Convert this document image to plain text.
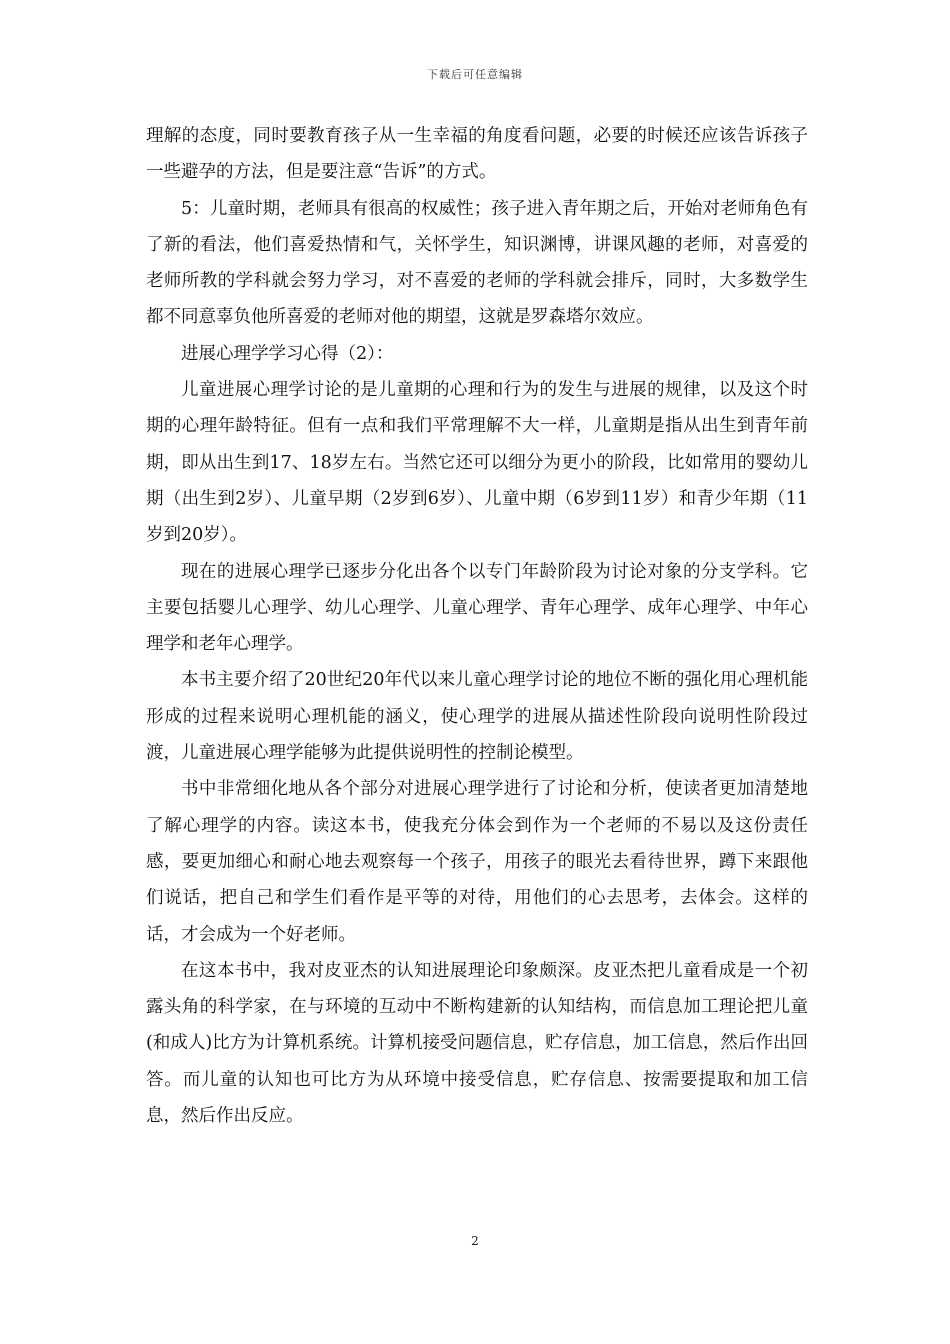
下载后可任意编辑

理解的态度，同时要教育孩子从一生幸福的角度看问题，必要的时候还应该告诉孩子一些避孕的方法，但是要注意“告诉”的方式。

5：儿童时期，老师具有很高的权威性；孩子进入青年期之后，开始对老师角色有了新的看法，他们喜爱热情和气，关怀学生，知识渊博，讲课风趣的老师，对喜爱的老师所教的学科就会努力学习，对不喜爱的老师的学科就会排斥，同时，大多数学生都不同意辜负他所喜爱的老师对他的期望，这就是罗森塔尔效应。

进展心理学学习心得（2）：

儿童进展心理学讨论的是儿童期的心理和行为的发生与进展的规律，以及这个时期的心理年龄特征。但有一点和我们平常理解不大一样，儿童期是指从出生到青年前期，即从出生到17、18岁左右。当然它还可以细分为更小的阶段，比如常用的婴幼儿期（出生到2岁）、儿童早期（2岁到6岁）、儿童中期（6岁到11岁）和青少年期（11岁到20岁）。

现在的进展心理学已逐步分化出各个以专门年龄阶段为讨论对象的分支学科。它主要包括婴儿心理学、幼儿心理学、儿童心理学、青年心理学、成年心理学、中年心理学和老年心理学。

本书主要介绍了20世纪20年代以来儿童心理学讨论的地位不断的强化用心理机能形成的过程来说明心理机能的涵义，使心理学的进展从描述性阶段向说明性阶段过渡，儿童进展心理学能够为此提供说明性的控制论模型。

书中非常细化地从各个部分对进展心理学进行了讨论和分析，使读者更加清楚地了解心理学的内容。读这本书，使我充分体会到作为一个老师的不易以及这份责任感，要更加细心和耐心地去观察每一个孩子，用孩子的眼光去看待世界，蹲下来跟他们说话，把自己和学生们看作是平等的对待，用他们的心去思考，去体会。这样的话，才会成为一个好老师。

在这本书中，我对皮亚杰的认知进展理论印象颇深。皮亚杰把儿童看成是一个初露头角的科学家，在与环境的互动中不断构建新的认知结构，而信息加工理论把儿童(和成人)比方为计算机系统。计算机接受问题信息，贮存信息，加工信息，然后作出回答。而儿童的认知也可比方为从环境中接受信息，贮存信息、按需要提取和加工信息，然后作出反应。

2
